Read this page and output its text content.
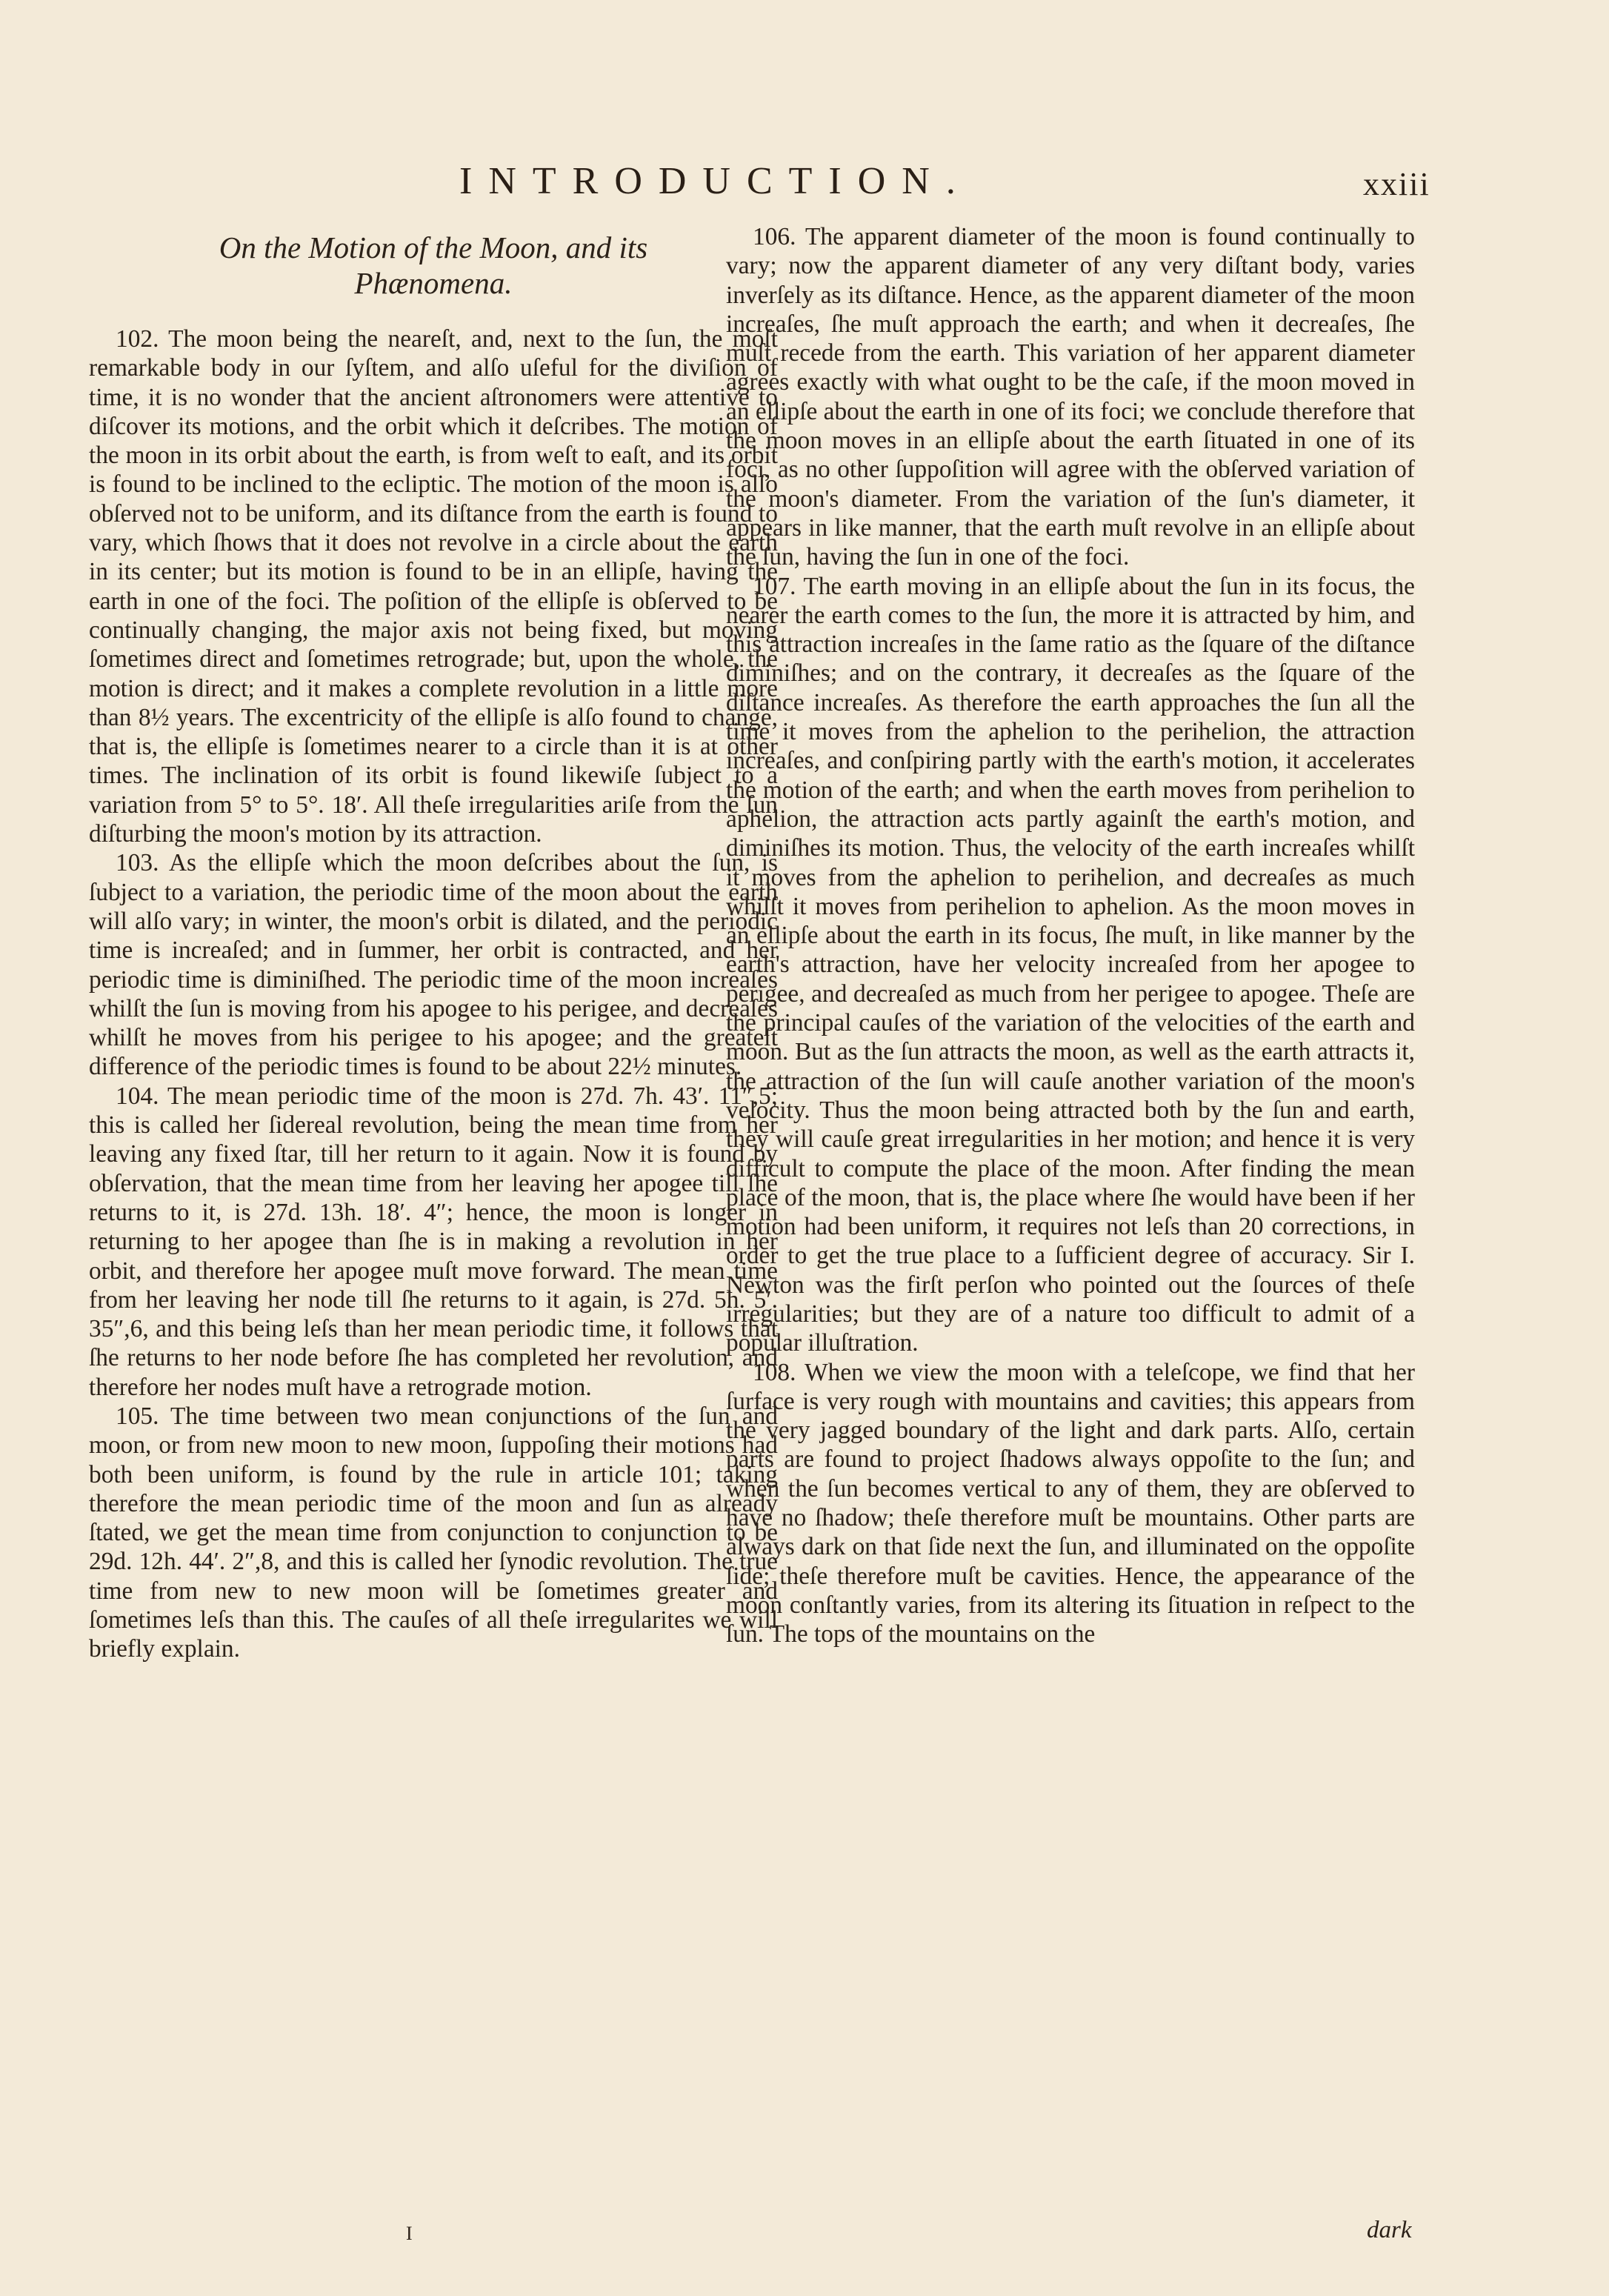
INTRODUCTION.	xxiii
On the Motion of the Moon, and its
Phænomena.

102. The moon being the neareſt, and, next to the ſun, the moſt remarkable body in our ſyſtem, and alſo uſeful for the diviſion of time, it is no wonder that the ancient aſtronomers were attentive to diſcover its motions, and the orbit which it deſcribes. The motion of the moon in its orbit about the earth, is from weſt to eaſt, and its orbit is found to be inclined to the ecliptic. The motion of the moon is alſo obſerved not to be uniform, and its diſtance from the earth is found to vary, which ſhows that it does not revolve in a circle about the earth in its center; but its motion is found to be in an ellipſe, having the earth in one of the foci. The poſition of the ellipſe is obſerved to be continually changing, the major axis not being fixed, but moving ſometimes direct and ſometimes retrograde; but, upon the whole, the motion is direct; and it makes a complete revolution in a little more than 8½ years. The excentricity of the ellipſe is alſo found to change, that is, the ellipſe is ſometimes nearer to a circle than it is at other times. The inclination of its orbit is found likewiſe ſubject to a variation from 5° to 5°. 18′. All theſe irregularities ariſe from the ſun diſturbing the moon's motion by its attraction.

103. As the ellipſe which the moon deſcribes about the ſun, is ſubject to a variation, the periodic time of the moon about the earth will alſo vary; in winter, the moon's orbit is dilated, and the periodic time is increaſed; and in ſummer, her orbit is contracted, and her periodic time is diminiſhed. The periodic time of the moon increaſes whilſt the ſun is moving from his apogee to his perigee, and decreaſes whilſt he moves from his perigee to his apogee; and the greateſt difference of the periodic times is found to be about 22½ minutes.

104. The mean periodic time of the moon is 27d. 7h. 43′. 11″,5; this is called her ſidereal revolution, being the mean time from her leaving any fixed ſtar, till her return to it again. Now it is found by obſervation, that the mean time from her leaving her apogee till ſhe returns to it, is 27d. 13h. 18′. 4″; hence, the moon is longer in returning to her apogee than ſhe is in making a revolution in her orbit, and therefore her apogee muſt move forward. The mean time from her leaving her node till ſhe returns to it again, is 27d. 5h. 5′. 35″,6, and this being leſs than her mean periodic time, it follows that ſhe returns to her node before ſhe has completed her revolution, and therefore her nodes muſt have a retrograde motion.

105. The time between two mean conjunctions of the ſun and moon, or from new moon to new moon, ſuppoſing their motions had both been uniform, is found by the rule in article 101; taking therefore the mean periodic time of the moon and ſun as already ſtated, we get the mean time from conjunction to conjunction to be 29d. 12h. 44′. 2″,8, and this is called her ſynodic revolution. The true time from new to new moon will be ſometimes greater and ſometimes leſs than this. The cauſes of all theſe irregularites we will briefly explain.

106. The apparent diameter of the moon is found continually to vary; now the apparent diameter of any very diſtant body, varies inverſely as its diſtance. Hence, as the apparent diameter of the moon increaſes, ſhe muſt approach the earth; and when it decreaſes, ſhe muſt recede from the earth. This variation of her apparent diameter agrees exactly with what ought to be the caſe, if the moon moved in an ellipſe about the earth in one of its foci; we conclude therefore that the moon moves in an ellipſe about the earth ſituated in one of its foci, as no other ſuppoſition will agree with the obſerved variation of the moon's diameter. From the variation of the ſun's diameter, it appears in like manner, that the earth muſt revolve in an ellipſe about the ſun, having the ſun in one of the foci.

107. The earth moving in an ellipſe about the ſun in its focus, the nearer the earth comes to the ſun, the more it is attracted by him, and this attraction increaſes in the ſame ratio as the ſquare of the diſtance diminiſhes; and on the contrary, it decreaſes as the ſquare of the diſtance increaſes. As therefore the earth approaches the ſun all the time it moves from the aphelion to the perihelion, the attraction increaſes, and conſpiring partly with the earth's motion, it accelerates the motion of the earth; and when the earth moves from perihelion to aphelion, the attraction acts partly againſt the earth's motion, and diminiſhes its motion. Thus, the velocity of the earth increaſes whilſt it moves from the aphelion to perihelion, and decreaſes as much whilſt it moves from perihelion to aphelion. As the moon moves in an ellipſe about the earth in its focus, ſhe muſt, in like manner by the earth's attraction, have her velocity increaſed from her apogee to perigee, and decreaſed as much from her perigee to apogee. Theſe are the principal cauſes of the variation of the velocities of the earth and moon. But as the ſun attracts the moon, as well as the earth attracts it, the attraction of the ſun will cauſe another variation of the moon's velocity. Thus the moon being attracted both by the ſun and earth, they will cauſe great irregularities in her motion; and hence it is very difficult to compute the place of the moon. After finding the mean place of the moon, that is, the place where ſhe would have been if her motion had been uniform, it requires not leſs than 20 corrections, in order to get the true place to a ſufficient degree of accuracy. Sir I. Newton was the firſt perſon who pointed out the ſources of theſe irregularities; but they are of a nature too difficult to admit of a popular illuſtration.

108. When we view the moon with a teleſcope, we find that her ſurface is very rough with mountains and cavities; this appears from the very jagged boundary of the light and dark parts. Alſo, certain parts are found to project ſhadows always oppoſite to the ſun; and when the ſun becomes vertical to any of them, they are obſerved to have no ſhadow; theſe therefore muſt be mountains. Other parts are always dark on that ſide next the ſun, and illuminated on the oppoſite ſide; theſe therefore muſt be cavities. Hence, the appearance of the moon conſtantly varies, from its altering its ſituation in reſpect to the ſun. The tops of the mountains on the

I	dark
